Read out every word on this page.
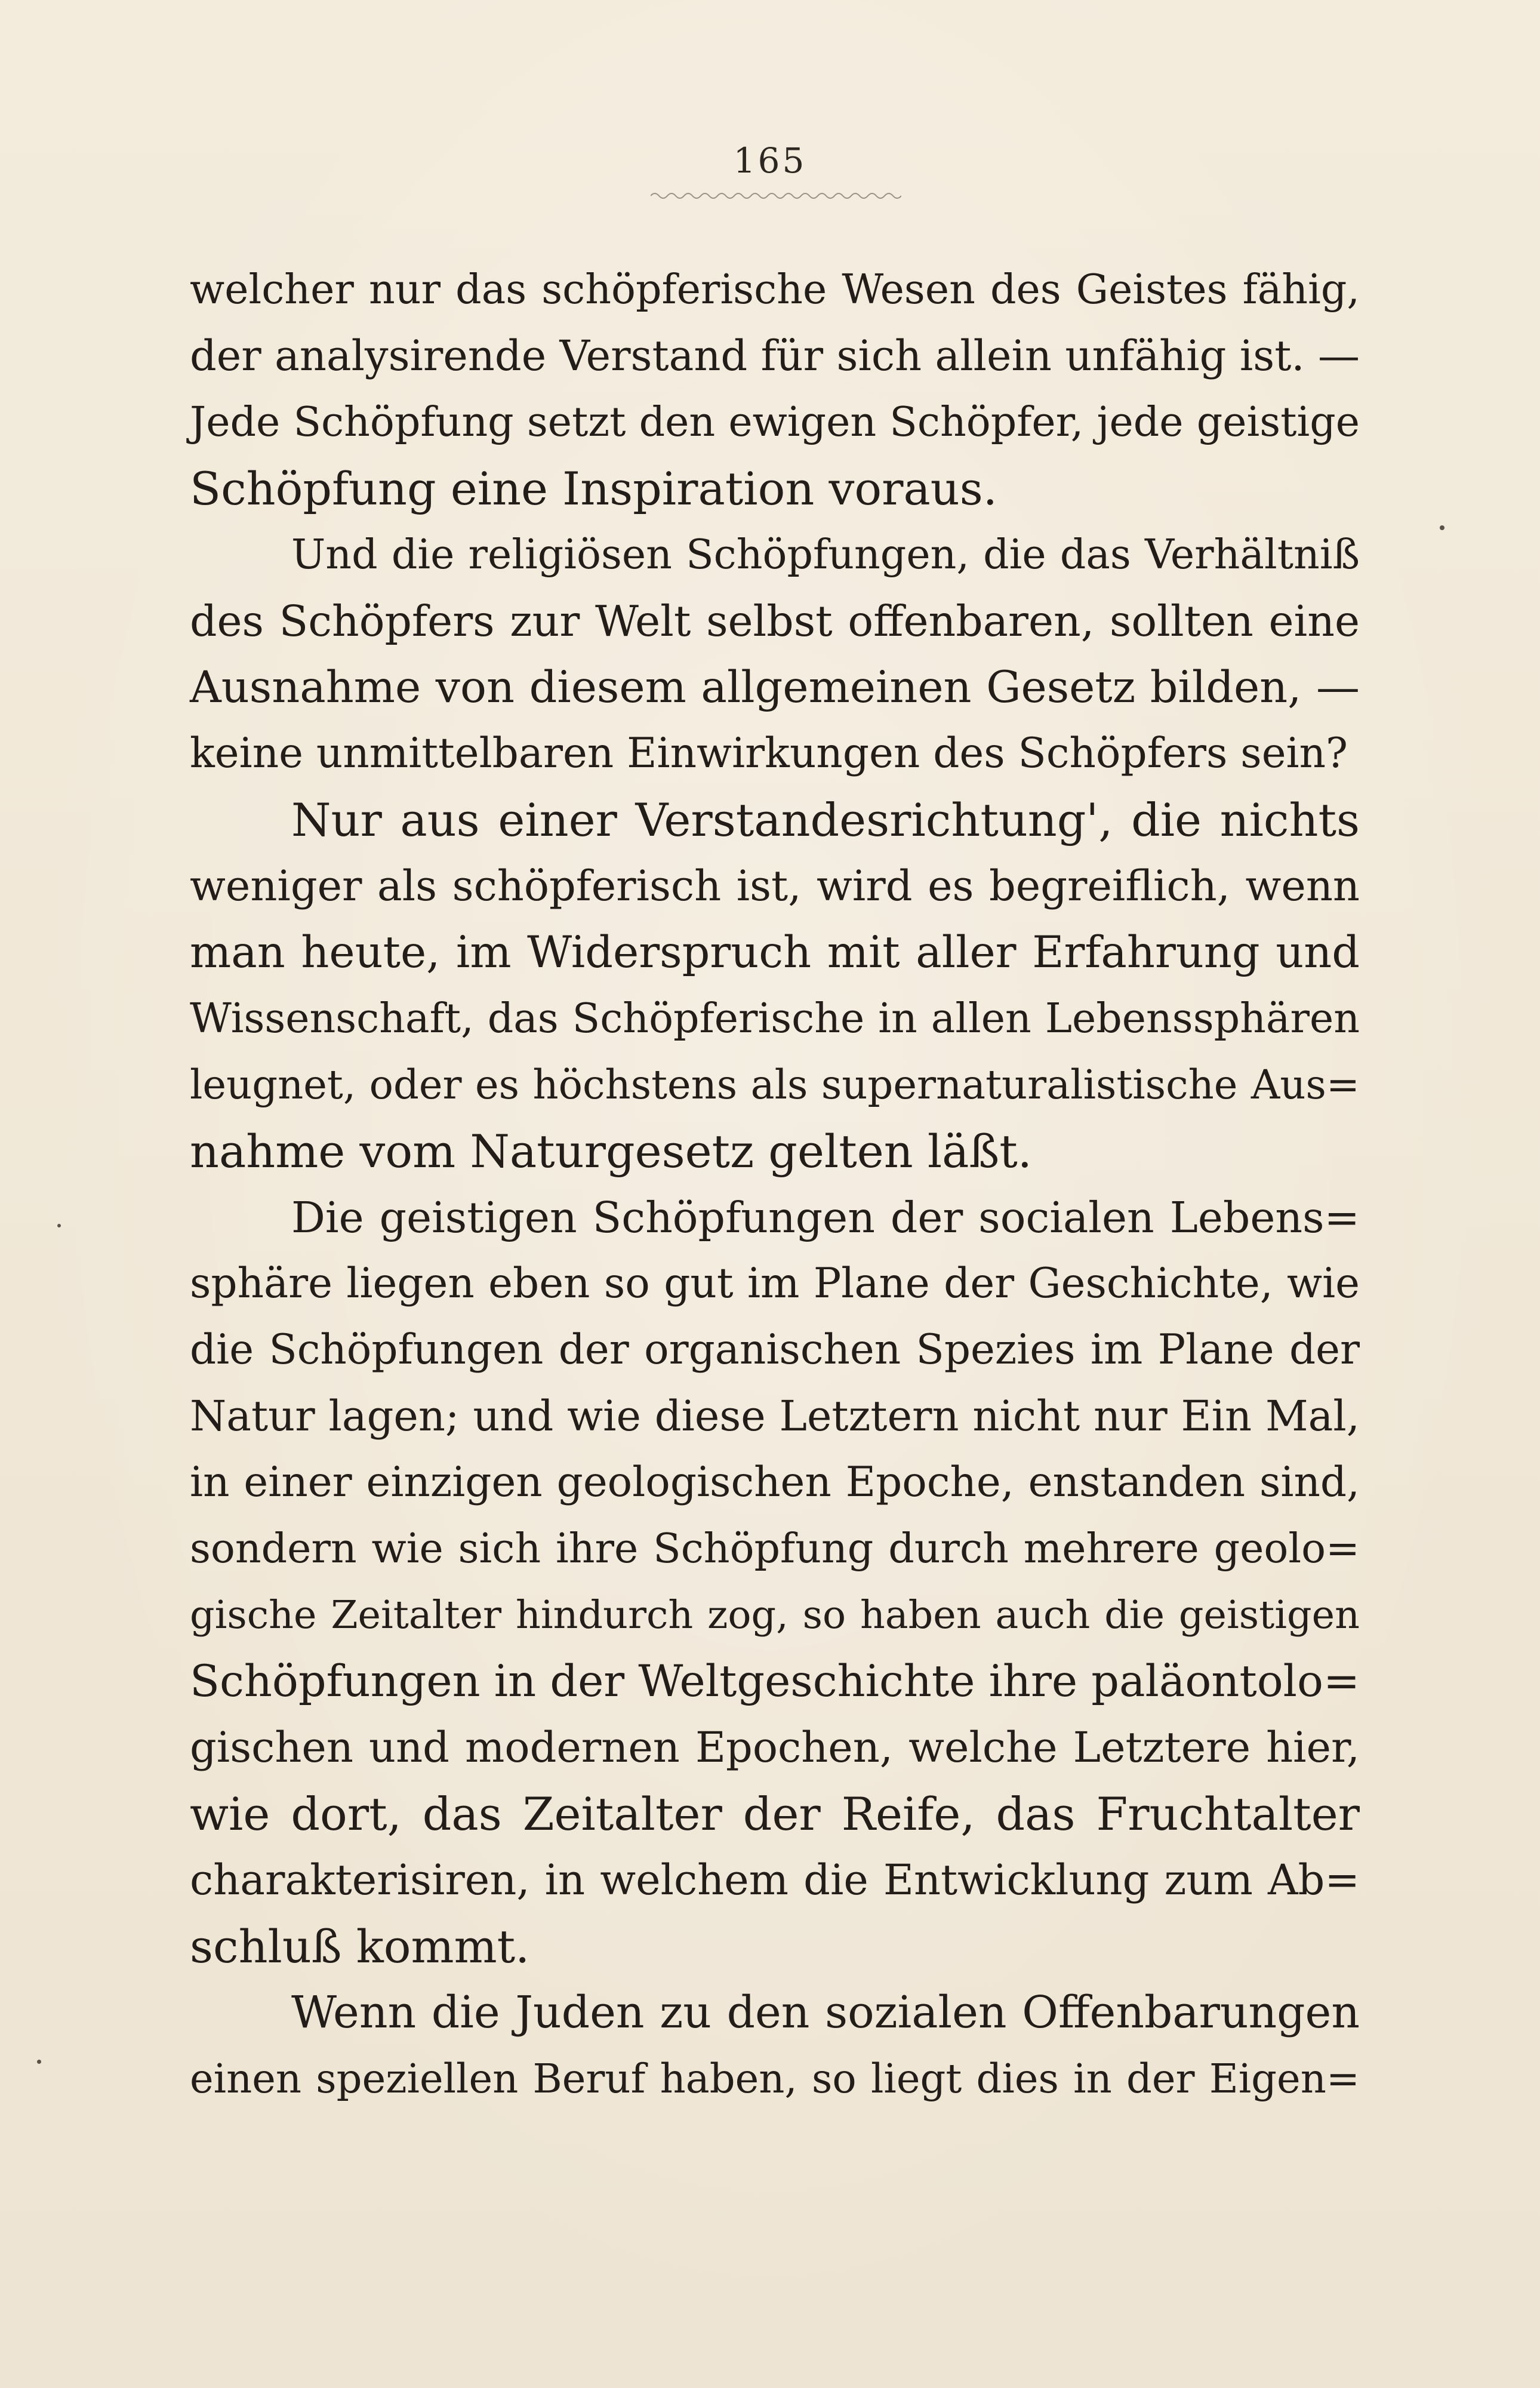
165
welcher nur das schöpferische Wesen des Geistes fähig,
der analysirende Verstand für sich allein unfähig ist. —
Jede Schöpfung setzt den ewigen Schöpfer, jede geistige
Schöpfung eine Inspiration voraus.
Und die religiösen Schöpfungen, die das Verhältniß
des Schöpfers zur Welt selbst offenbaren, sollten eine
Ausnahme von diesem allgemeinen Gesetz bilden, —
keine unmittelbaren Einwirkungen des Schöpfers sein?
Nur aus einer Verstandesrichtung', die nichts
weniger als schöpferisch ist, wird es begreiflich, wenn
man heute, im Widerspruch mit aller Erfahrung und
Wissenschaft, das Schöpferische in allen Lebenssphären
leugnet, oder es höchstens als supernaturalistische Aus=
nahme vom Naturgesetz gelten läßt.
Die geistigen Schöpfungen der socialen Lebens=
sphäre liegen eben so gut im Plane der Geschichte, wie
die Schöpfungen der organischen Spezies im Plane der
Natur lagen; und wie diese Letztern nicht nur Ein Mal,
in einer einzigen geologischen Epoche, enstanden sind,
sondern wie sich ihre Schöpfung durch mehrere geolo=
gische Zeitalter hindurch zog, so haben auch die geistigen
Schöpfungen in der Weltgeschichte ihre paläontolo=
gischen und modernen Epochen, welche Letztere hier,
wie dort, das Zeitalter der Reife, das Fruchtalter
charakterisiren, in welchem die Entwicklung zum Ab=
schluß kommt.
Wenn die Juden zu den sozialen Offenbarungen
einen speziellen Beruf haben, so liegt dies in der Eigen=
